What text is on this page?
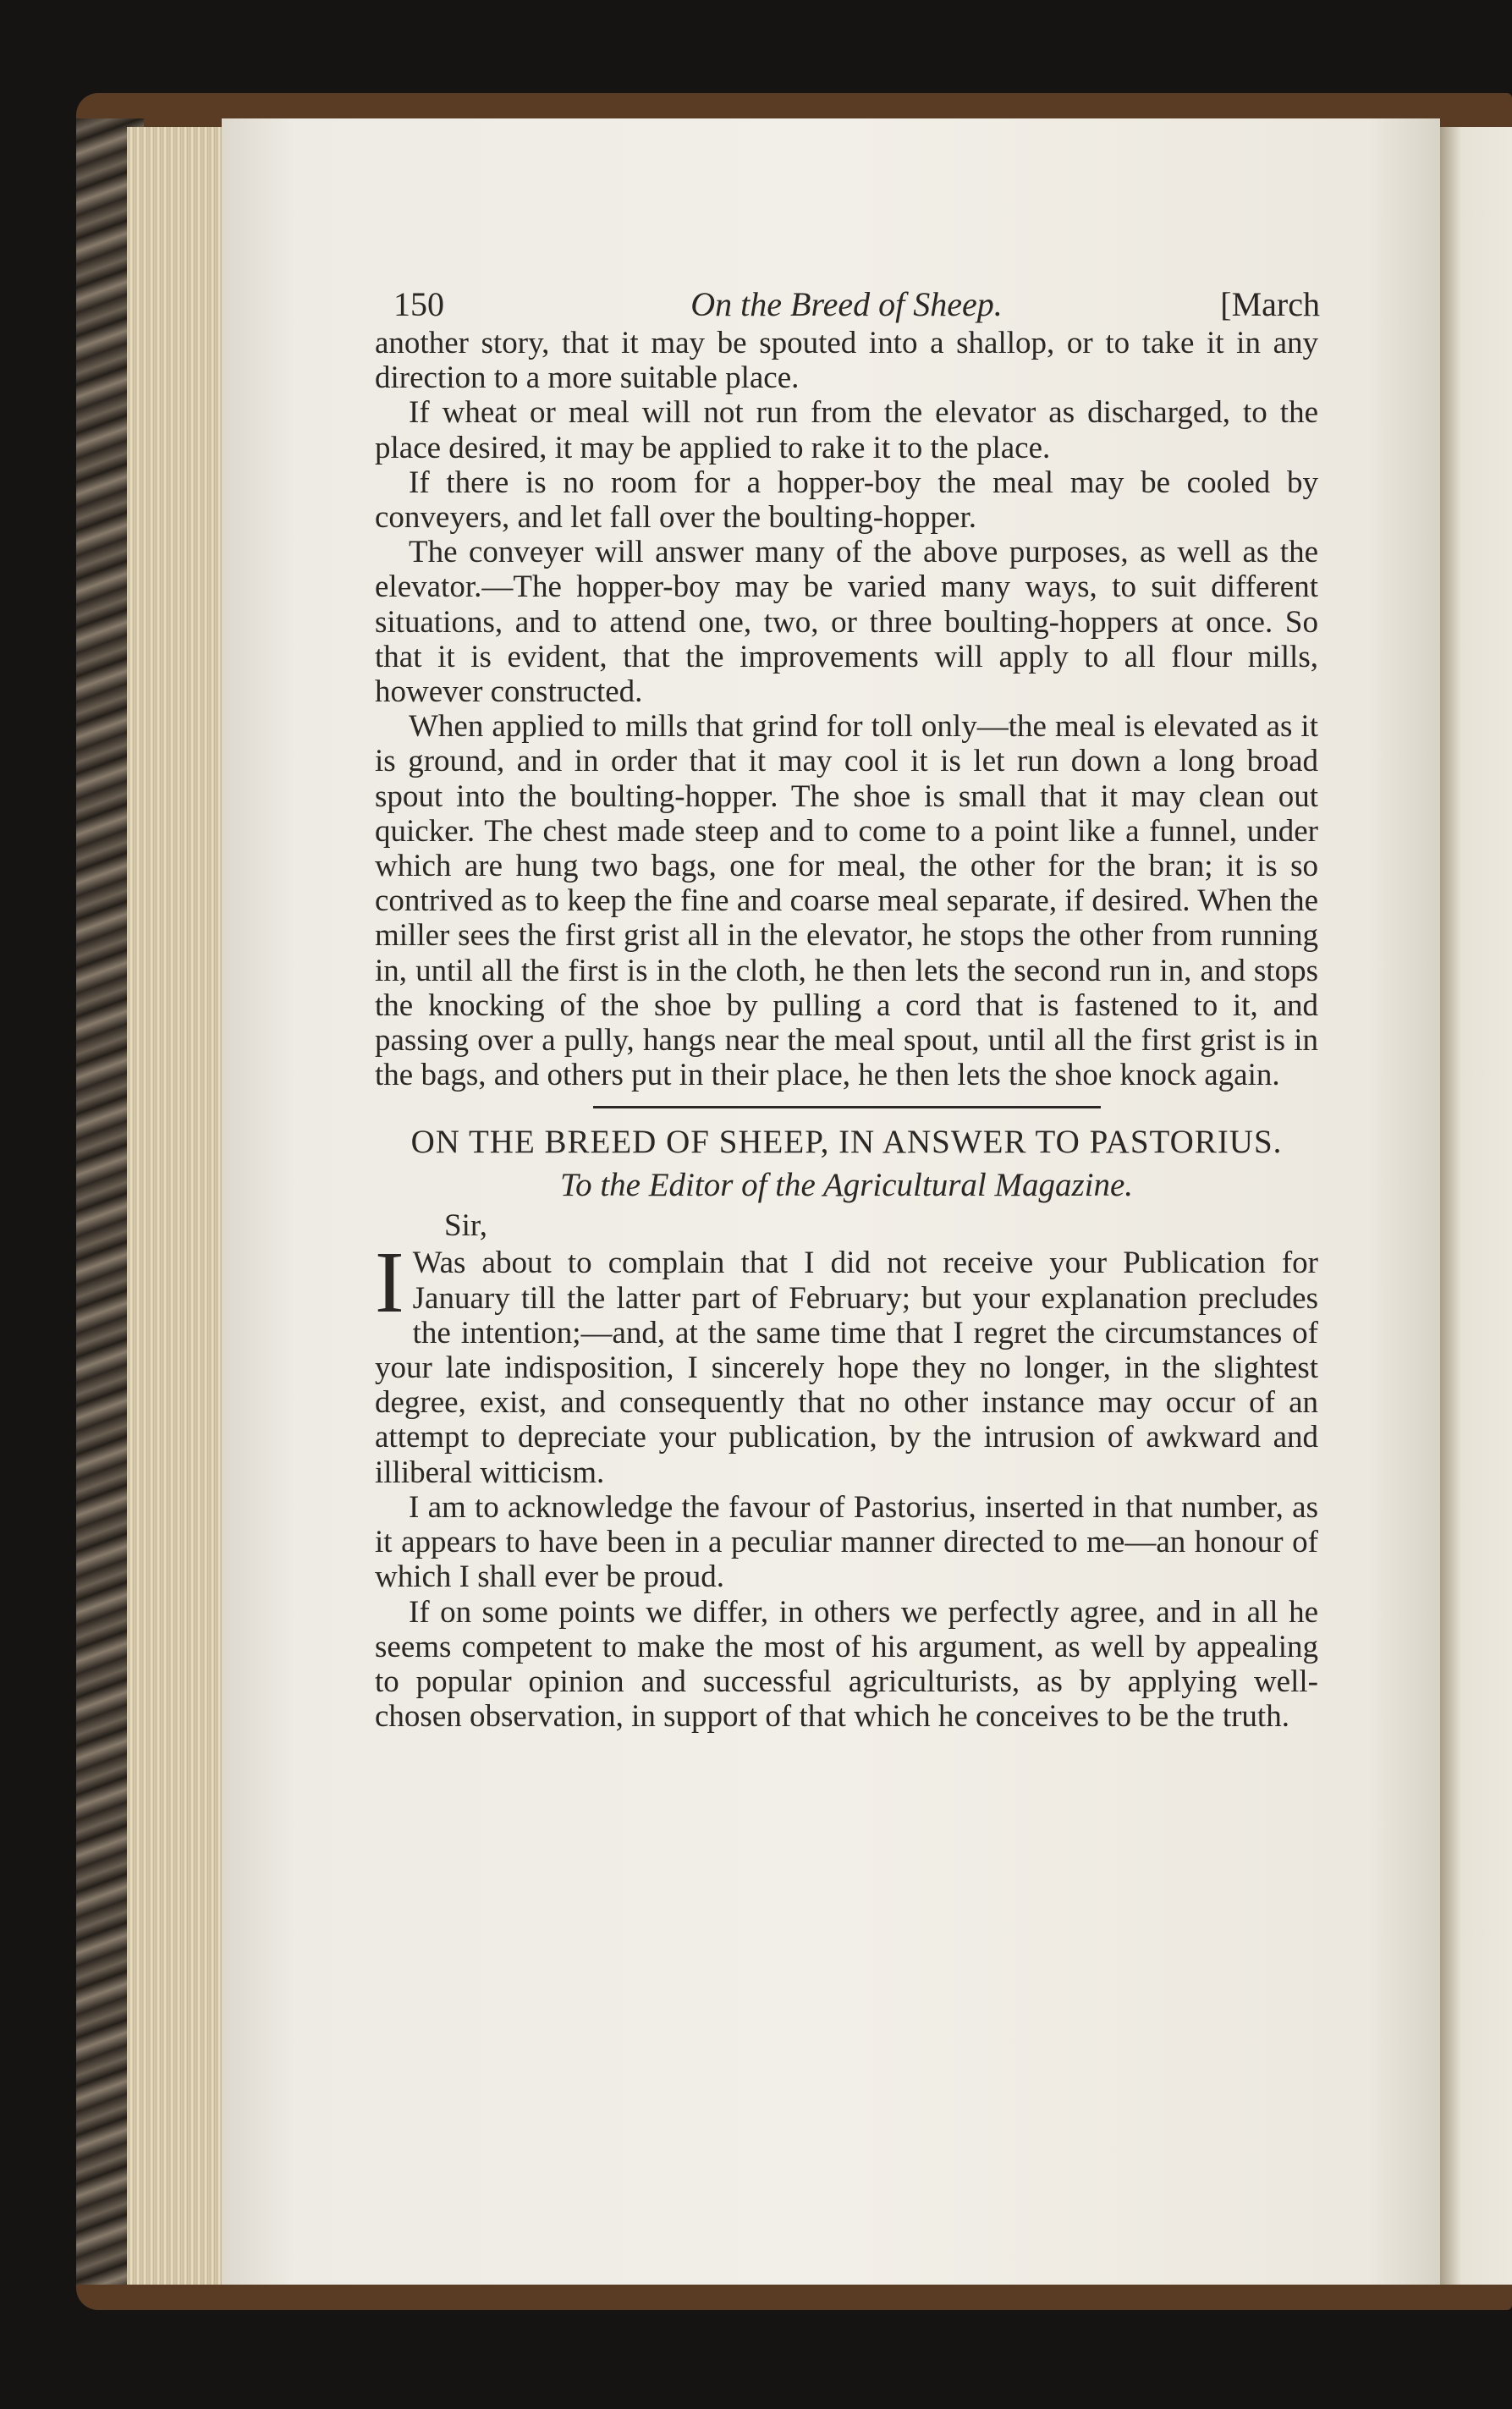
150	On the Breed of Sheep.	[March

another story, that it may be spouted into a shallop, or to take it in any direction to a more suitable place.

If wheat or meal will not run from the elevator as discharged, to the place desired, it may be applied to rake it to the place.

If there is no room for a hopper-boy the meal may be cooled by conveyers, and let fall over the boulting-hopper.

The conveyer will answer many of the above purposes, as well as the elevator.—The hopper-boy may be varied many ways, to suit different situations, and to attend one, two, or three boulting-hoppers at once. So that it is evident, that the improvements will apply to all flour mills, however constructed.

When applied to mills that grind for toll only—the meal is elevated as it is ground, and in order that it may cool it is let run down a long broad spout into the boulting-hopper. The shoe is small that it may clean out quicker. The chest made steep and to come to a point like a funnel, under which are hung two bags, one for meal, the other for the bran; it is so contrived as to keep the fine and coarse meal separate, if desired. When the miller sees the first grist all in the elevator, he stops the other from running in, until all the first is in the cloth, he then lets the second run in, and stops the knocking of the shoe by pulling a cord that is fastened to it, and passing over a pully, hangs near the meal spout, until all the first grist is in the bags, and others put in their place, he then lets the shoe knock again.

ON THE BREED OF SHEEP, IN ANSWER TO PASTORIUS.
To the Editor of the Agricultural Magazine.
Sir,

I Was about to complain that I did not receive your Publication for January till the latter part of February; but your explanation precludes the intention;—and, at the same time that I regret the circumstances of your late indisposition, I sincerely hope they no longer, in the slightest degree, exist, and consequently that no other instance may occur of an attempt to depreciate your publication, by the intrusion of awkward and illiberal witticism.

I am to acknowledge the favour of Pastorius, inserted in that number, as it appears to have been in a peculiar manner directed to me—an honour of which I shall ever be proud.

If on some points we differ, in others we perfectly agree, and in all he seems competent to make the most of his argument, as well by appealing to popular opinion and successful agriculturists, as by applying well-chosen observation, in support of that which he conceives to be the truth.
